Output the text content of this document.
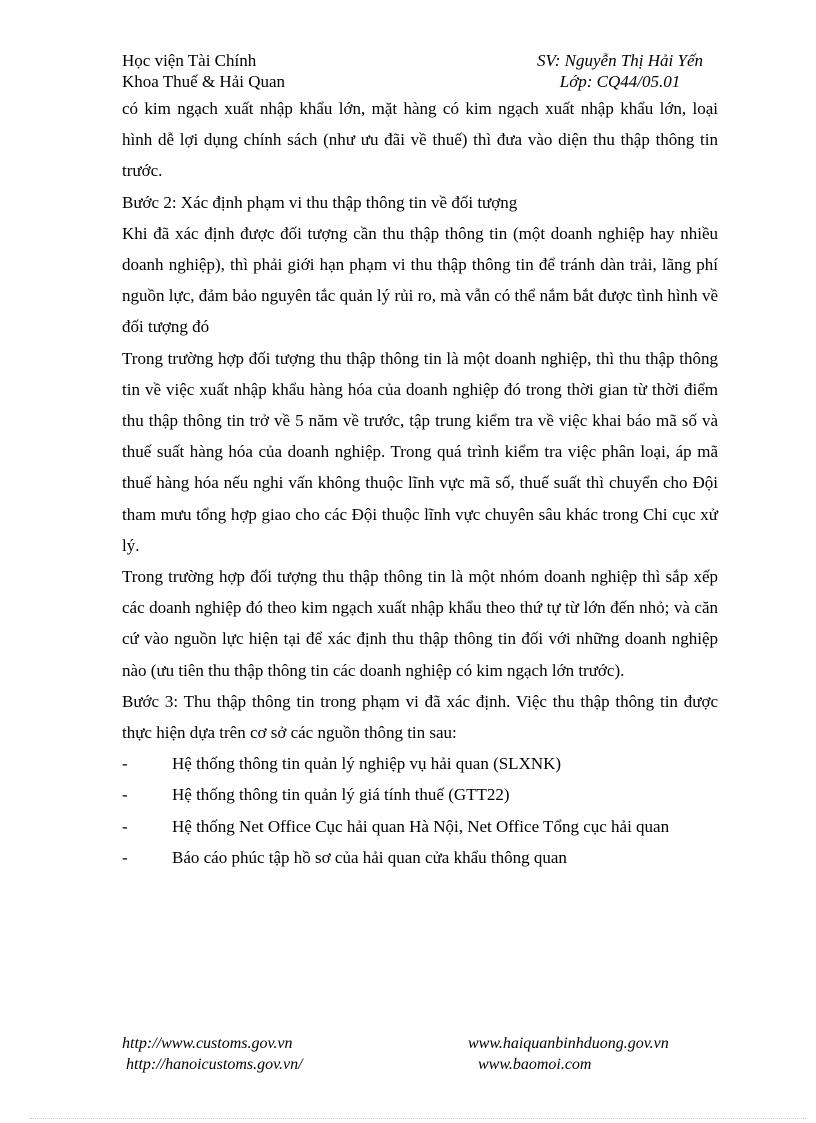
Học viện Tài Chính
Khoa Thuế & Hải Quan
SV: Nguyễn Thị Hải Yến
Lớp: CQ44/05.01

có kim ngạch xuất nhập khẩu lớn, mặt hàng có kim ngạch xuất nhập khẩu lớn, loại hình dễ lợi dụng chính sách (như ưu đãi về thuế) thì đưa vào diện thu thập thông tin trước.

Bước 2: Xác định phạm vi thu thập thông tin về đối tượng

Khi đã xác định được đối tượng cần thu thập thông tin (một doanh nghiệp hay nhiều doanh nghiệp), thì phải giới hạn phạm vi thu thập thông tin để tránh dàn trải, lãng phí nguồn lực, đảm bảo nguyên tắc quản lý rủi ro, mà vẫn có thể nắm bắt được tình hình về đối tượng đó

Trong trường hợp đối tượng thu thập thông tin là một doanh nghiệp, thì thu thập thông tin về việc xuất nhập khẩu hàng hóa của doanh nghiệp đó trong thời gian từ thời điểm thu thập thông tin trở về 5 năm về trước, tập trung kiểm tra về việc khai báo mã số và thuế suất hàng hóa của doanh nghiệp. Trong quá trình kiểm tra việc phân loại, áp mã thuế hàng hóa nếu nghi vấn không thuộc lĩnh vực mã số, thuế suất thì chuyển cho Đội tham mưu tổng hợp giao cho các Đội thuộc lĩnh vực chuyên sâu khác trong Chi cục xử lý.

Trong trường hợp đối tượng thu thập thông tin là một nhóm doanh nghiệp thì sắp xếp các doanh nghiệp đó theo kim ngạch xuất nhập khẩu theo thứ tự từ lớn đến nhỏ; và căn cứ vào nguồn lực hiện tại để xác định thu thập thông tin đối với những doanh nghiệp nào (ưu tiên thu thập thông tin các doanh nghiệp có kim ngạch lớn trước).

Bước 3: Thu thập thông tin trong phạm vi đã xác định. Việc thu thập thông tin được thực hiện dựa trên cơ sở các nguồn thông tin sau:

-	Hệ thống thông tin quản lý nghiệp vụ hải quan (SLXNK)

-	Hệ thống thông tin quản lý giá tính thuế (GTT22)

-	Hệ thống Net Office Cục hải quan Hà Nội, Net Office Tổng cục hải quan

-	Báo cáo phúc tập hồ sơ của hải quan cửa khẩu thông quan

http://www.customs.gov.vn
http://hanoicustoms.gov.vn/
www.haiquanbinhduong.gov.vn
www.baomoi.com
